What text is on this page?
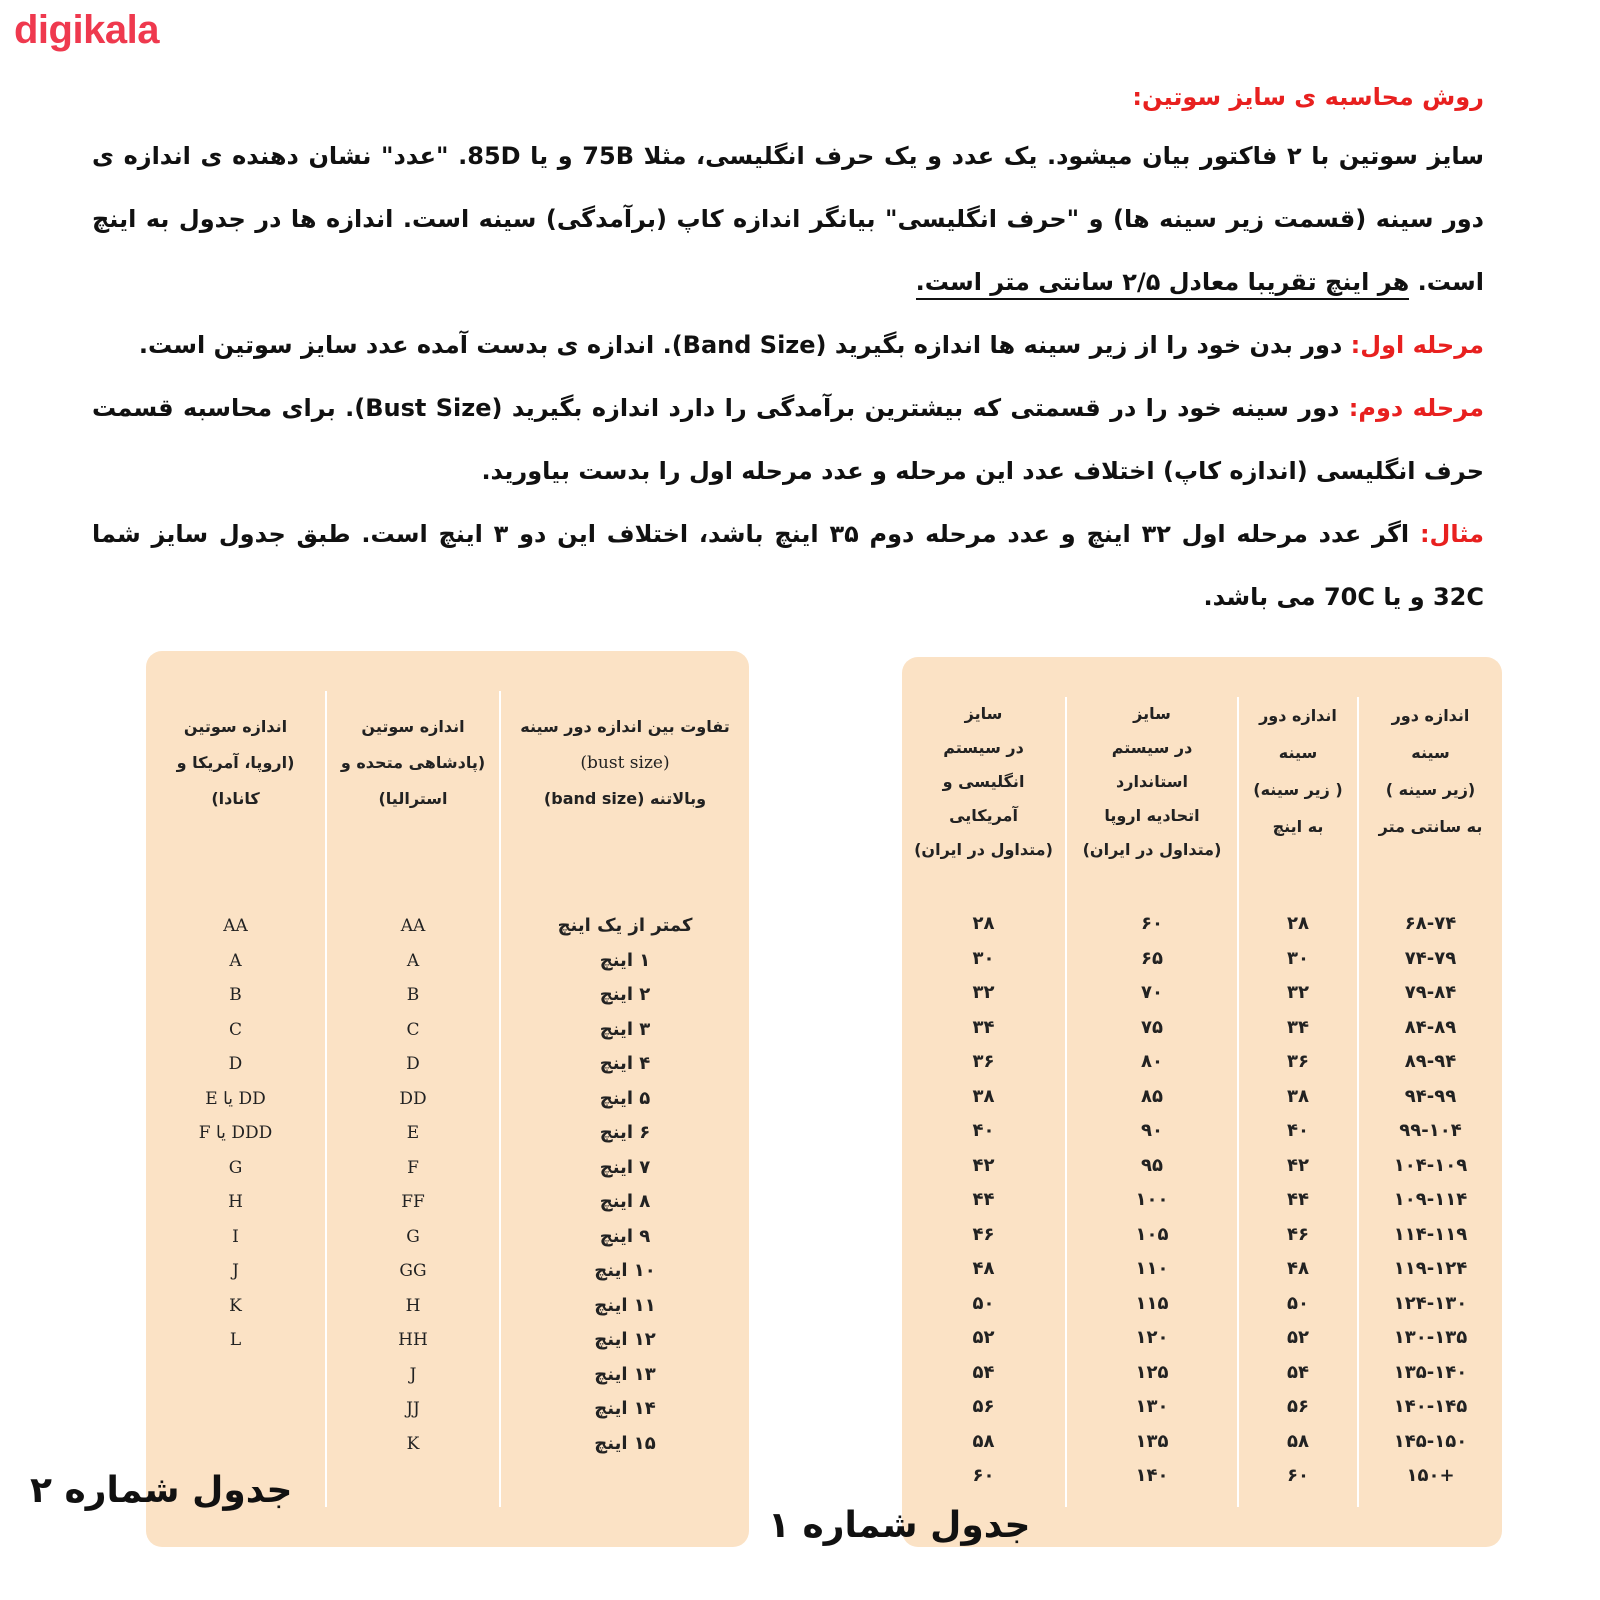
digikala
روش محاسبه ی سایز سوتین:
سایز سوتین با ۲ فاکتور بیان میشود. یک عدد و یک حرف انگلیسی، مثلا 75B و یا 85D. "عدد" نشان دهنده ی اندازه ی
دور سینه (قسمت زیر سینه ها) و "حرف انگلیسی" بیانگر اندازه کاپ (برآمدگی) سینه است. اندازه ها در جدول به اینچ
است. هر اینچ تقریبا معادل ۲/۵ سانتی متر است.
مرحله اول: دور بدن خود را از زیر سینه ها اندازه بگیرید (Band Size). اندازه ی بدست آمده عدد سایز سوتین است.
مرحله دوم: دور سینه خود را در قسمتی که بیشترین برآمدگی را دارد اندازه بگیرید (Bust Size). برای محاسبه قسمت
حرف انگلیسی (اندازه کاپ) اختلاف عدد این مرحله و عدد مرحله اول را بدست بیاورید.
مثال: اگر عدد مرحله اول ۳۲ اینچ و عدد مرحله دوم ۳۵ اینچ باشد، اختلاف این دو ۳ اینچ است. طبق جدول سایز شما
32C و یا 70C می باشد.
اندازه دور
سینه
(زیر سینه )
به سانتی متر
۶۸-۷۴
۷۴-۷۹
۷۹-۸۴
۸۴-۸۹
۸۹-۹۴
۹۴-۹۹
۹۹-۱۰۴
۱۰۴-۱۰۹
۱۰۹-۱۱۴
۱۱۴-۱۱۹
۱۱۹-۱۲۴
۱۲۴-۱۳۰
۱۳۰-۱۳۵
۱۳۵-۱۴۰
۱۴۰-۱۴۵
۱۴۵-۱۵۰
+۱۵۰
اندازه دور
سینه
( زیر سینه)
به اینچ
۲۸
۳۰
۳۲
۳۴
۳۶
۳۸
۴۰
۴۲
۴۴
۴۶
۴۸
۵۰
۵۲
۵۴
۵۶
۵۸
۶۰
سایز
در سیستم
استاندارد
اتحادیه اروپا
(متداول در ایران)
۶۰
۶۵
۷۰
۷۵
۸۰
۸۵
۹۰
۹۵
۱۰۰
۱۰۵
۱۱۰
۱۱۵
۱۲۰
۱۲۵
۱۳۰
۱۳۵
۱۴۰
سایز
در سیستم
انگلیسی و
آمریکایی
(متداول در ایران)
۲۸
۳۰
۳۲
۳۴
۳۶
۳۸
۴۰
۴۲
۴۴
۴۶
۴۸
۵۰
۵۲
۵۴
۵۶
۵۸
۶۰
تفاوت بین اندازه دور سینه
(bust size)
وبالاتنه (band size)
کمتر از یک اینچ
۱ اینچ
۲ اینچ
۳ اینچ
۴ اینچ
۵ اینچ
۶ اینچ
۷ اینچ
۸ اینچ
۹ اینچ
۱۰ اینچ
۱۱ اینچ
۱۲ اینچ
۱۳ اینچ
۱۴ اینچ
۱۵ اینچ
اندازه سوتین
(پادشاهی متحده و
استرالیا)
AA
A
B
C
D
DD
E
F
FF
G
GG
H
HH
J
JJ
K
اندازه سوتین
(اروپا، آمریکا و
کانادا)
AA
A
B
C
D
DD یا E
DDD یا F
G
H
I
J
K
L
جدول شماره ۲
جدول شماره ۱
